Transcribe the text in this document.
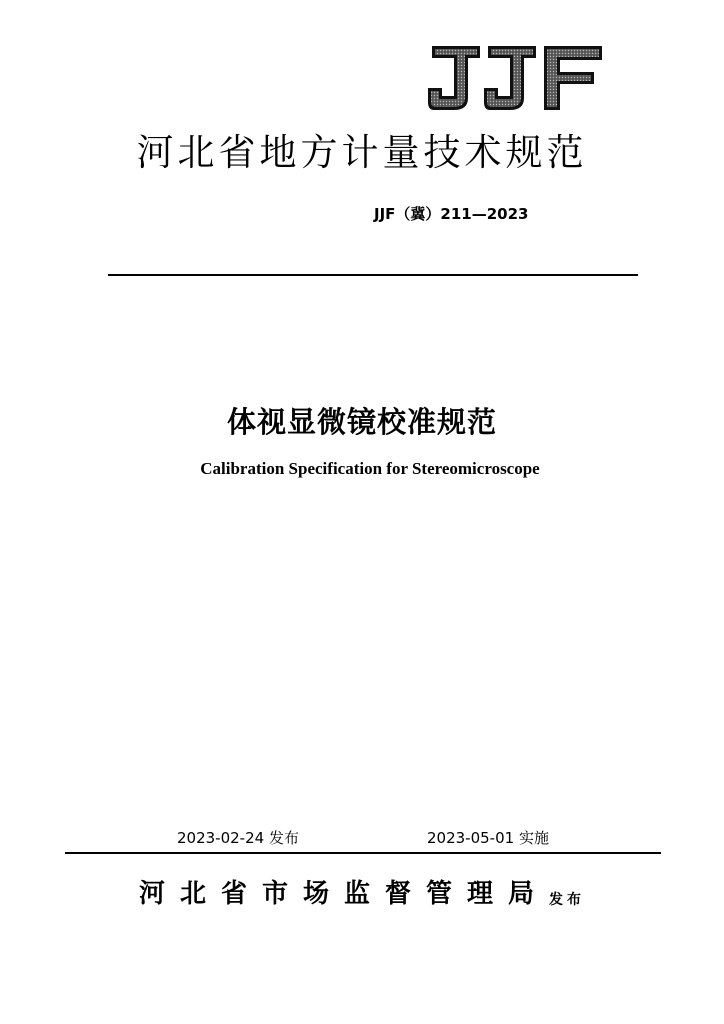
河北省地方计量技术规范
JJF（冀）211—2023
体视显微镜校准规范
Calibration Specification for Stereomicroscope
2023-02-24 发布	2023-05-01 实施
河北省市场监督管理局发布
